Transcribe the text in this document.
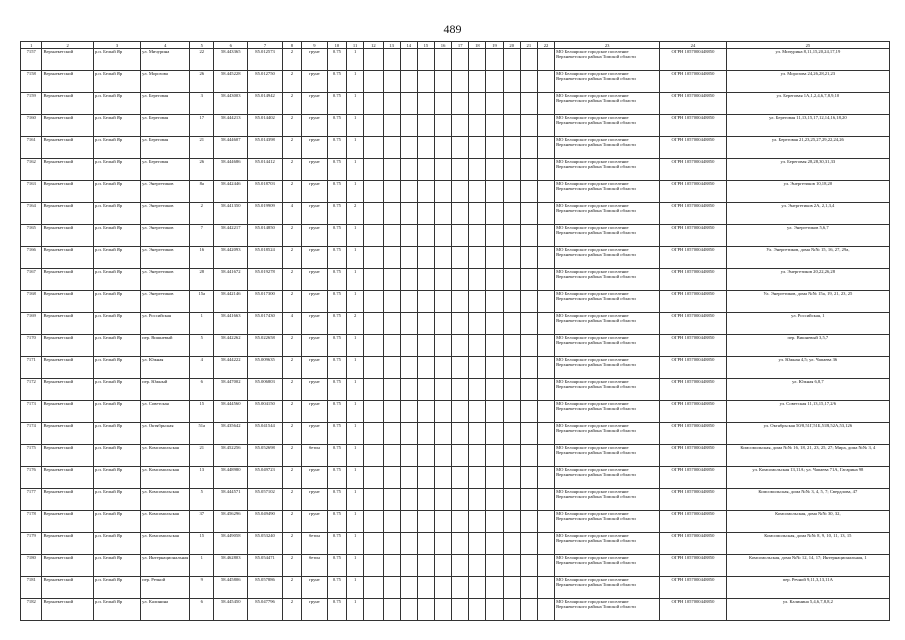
489
1	2	3	4	5	6	7	8	9	10	11	12	13	14	15	16	17	18	19	20	21	22	23	24	25
7157	Верхнекетский	р.п. Белый Яр	ул. Мичурина	22	58.443365	85.012573	2	грунт	0.75	1												МО Белоярское городское поселение Верхнекетского района Томской области	ОГРН 1057000448850	ул. Мичурина 8,11,15,20,24,17,19
7158	Верхнекетский	р.п. Белый Яр	ул. Морозова	26	58.445228	85.012750	2	грунт	0.75	1												МО Белоярское городское поселение Верхнекетского района Томской области	ОГРН 1057000448850	ул. Морозова 24,26,28,21,23
7159	Верхнекетский	р.п. Белый Яр	ул. Береговая	3	58.443003	85.014942	2	грунт	0.75	1												МО Белоярское городское поселение Верхнекетского района Томской области	ОГРН 1057000448850	ул. Береговая 1А,1,2,4,6,7,8,9,10
7160	Верхнекетский	р.п. Белый Яр	ул. Береговая	17	58.444213	85.014402	2	грунт	0.75	1												МО Белоярское городское поселение Верхнекетского района Томской области	ОГРН 1057000448850	ул. Береговая 11,13,15,17,12,14,16,18,20
7161	Верхнекетский	р.п. Белый Яр	ул. Береговая	21	58.444607	85.014398	2	грунт	0.75	1												МО Белоярское городское поселение Верхнекетского района Томской области	ОГРН 1057000448850	ул. Береговая 21,23,25,27,29,22,24,26
7162	Верхнекетский	р.п. Белый Яр	ул. Береговая	26	58.444686	85.014412	2	грунт	0.75	1												МО Белоярское городское поселение Верхнекетского района Томской области	ОГРН 1057000448850	ул. Береговая 28,28,30,31,33
7163	Верхнекетский	р.п. Белый Яр	ул. Энергетиков	8а	58.442446	85.018703	2	грунт	0.75	1												МО Белоярское городское поселение Верхнекетского района Томской области	ОГРН 1057000448850	ул. Энергетиков 10,18,20
7164	Верхнекетский	р.п. Белый Яр	ул. Энергетиков	2	58.441350	85.019909	4	грунт	0.75	2												МО Белоярское городское поселение Верхнекетского района Томской области	ОГРН 1057000448850	ул. Энергетиков 2А, 2,1,3,4
7165	Верхнекетский	р.п. Белый Яр	ул. Энергетиков	7	58.442217	85.014850	2	грунт	0.75	1												МО Белоярское городское поселение Верхнекетского района Томской области	ОГРН 1057000448850	ул. Энергетиков 5,6,7
7166	Верхнекетский	р.п. Белый Яр	ул. Энергетиков	16	58.442093	85.018524	2	грунт	0.75	1												МО Белоярское городское поселение Верхнекетского района Томской области	ОГРН 1057000448850	Ул. Энергетиков, дома №№ 15, 16, 27, 29а,
7167	Верхнекетский	р.п. Белый Яр	ул. Энергетиков	28	58.441672	85.019278	2	грунт	0.75	1												МО Белоярское городское поселение Верхнекетского района Томской области	ОГРН 1057000448850	ул. Энергетиков 20,22,26,28
7168	Верхнекетский	р.п. Белый Яр	ул. Энергетиков	15а	58.442146	85.017300	2	грунт	0.75	1												МО Белоярское городское поселение Верхнекетского района Томской области	ОГРН 1057000448850	Ул. Энергетиков, дома №№ 15а, 19, 21, 23, 25
7169	Верхнекетский	р.п. Белый Яр	ул. Российская	1	58.441663	85.017430	4	грунт	0.75	2												МО Белоярское городское поселение Верхнекетского района Томской области	ОГРН 1057000448850	ул. Российская, 1
7170	Верхнекетский	р.п. Белый Яр	пер. Вишневый	5	58.442262	85.022658	2	грунт	0.75	1												МО Белоярское городское поселение Верхнекетского района Томской области	ОГРН 1057000448850	пер. Вишневый 3,5,7
7171	Верхнекетский	р.п. Белый Яр	ул. Южная	4	58.444222	85.009635	2	грунт	0.75	1												МО Белоярское городское поселение Верхнекетского района Томской области	ОГРН 1057000448850	ул. Южная 4,5; ул. Чапаева 36
7172	Верхнекетский	р.п. Белый Яр	пер. Южный	6	58.447002	85.006803	2	грунт	0.75	1												МО Белоярское городское поселение Верхнекетского района Томской области	ОГРН 1057000448850	ул. Южная 6,8,7
7173	Верхнекетский	р.п. Белый Яр	ул. Советская	15	58.444560	85.004150	2	грунт	0.75	1												МО Белоярское городское поселение Верхнекетского района Томской области	ОГРН 1057000448850	ул. Советская 11,13,15,17,2/6
7174	Верхнекетский	р.п. Белый Яр	ул. Октябрьская	51а	58.435642	85.041544	2	грунт	0.75	1												МО Белоярское городское поселение Верхнекетского района Томской области	ОГРН 1057000448850	ул. Октябрьская 50/8,51Г,51Б,51В,52А,53,126
7175	Верхнекетский	р.п. Белый Яр	ул. Комсомольская	21	58.452256	85.052698	2	бетон	0.75	1												МО Белоярское городское поселение Верхнекетского района Томской области	ОГРН 1057000448850	Комсомольская, дома №№ 16, 18, 21, 23, 25, 27; Мира, дома №№ 3, 4
7176	Верхнекетский	р.п. Белый Яр	ул. Комсомольская	13	58.448980	85.049723	2	грунт	0.75	1												МО Белоярское городское поселение Верхнекетского района Томской области	ОГРН 1057000448850	ул. Комсомольская 13,11А; ул. Чапаева 71А, Гагарина 98
7177	Верхнекетский	р.п. Белый Яр	ул. Комсомольская	5	58.444571	85.057102	2	грунт	0.75	1												МО Белоярское городское поселение Верхнекетского района Томской области	ОГРН 1057000448850	Комсомольская, дома №№ 3, 4, 5, 7; Свердлова, 47
7178	Верхнекетский	р.п. Белый Яр	ул. Комсомольская	37	58.456296	85.049490	2	грунт	0.75	1												МО Белоярское городское поселение Верхнекетского района Томской области	ОГРН 1057000448850	Комсомольская, дома №№ 30, 32,
7179	Верхнекетский	р.п. Белый Яр	ул. Комсомольская	15	58.449058	85.053240	2	бетон	0.75	1												МО Белоярское городское поселение Верхнекетского района Томской области	ОГРН 1057000448850	Комсомольская, дома №№ 8, 9, 10, 11, 13, 15
7180	Верхнекетский	р.п. Белый Яр	ул. Интернациональная	1	58.462803	85.054471	2	бетон	0.75	1												МО Белоярское городское поселение Верхнекетского района Томской области	ОГРН 1057000448850	Комсомольская, дома №№ 12, 14, 17; Интернациональная, 1
7181	Верхнекетский	р.п. Белый Яр	пер. Речной	9	58.445806	85.057886	2	грунт	0.75	1												МО Белоярское городское поселение Верхнекетского района Томской области	ОГРН 1057000448850	пер. Речной 9,11,3,13,11А
7182	Верхнекетский	р.п. Белый Яр	ул. Калинина	6	58.445450	85.047796	2	грунт	0.75	1												МО Белоярское городское поселение Верхнекетского района Томской области	ОГРН 1057000448850	ул. Калинина 5,4,6,7,8,8,2
